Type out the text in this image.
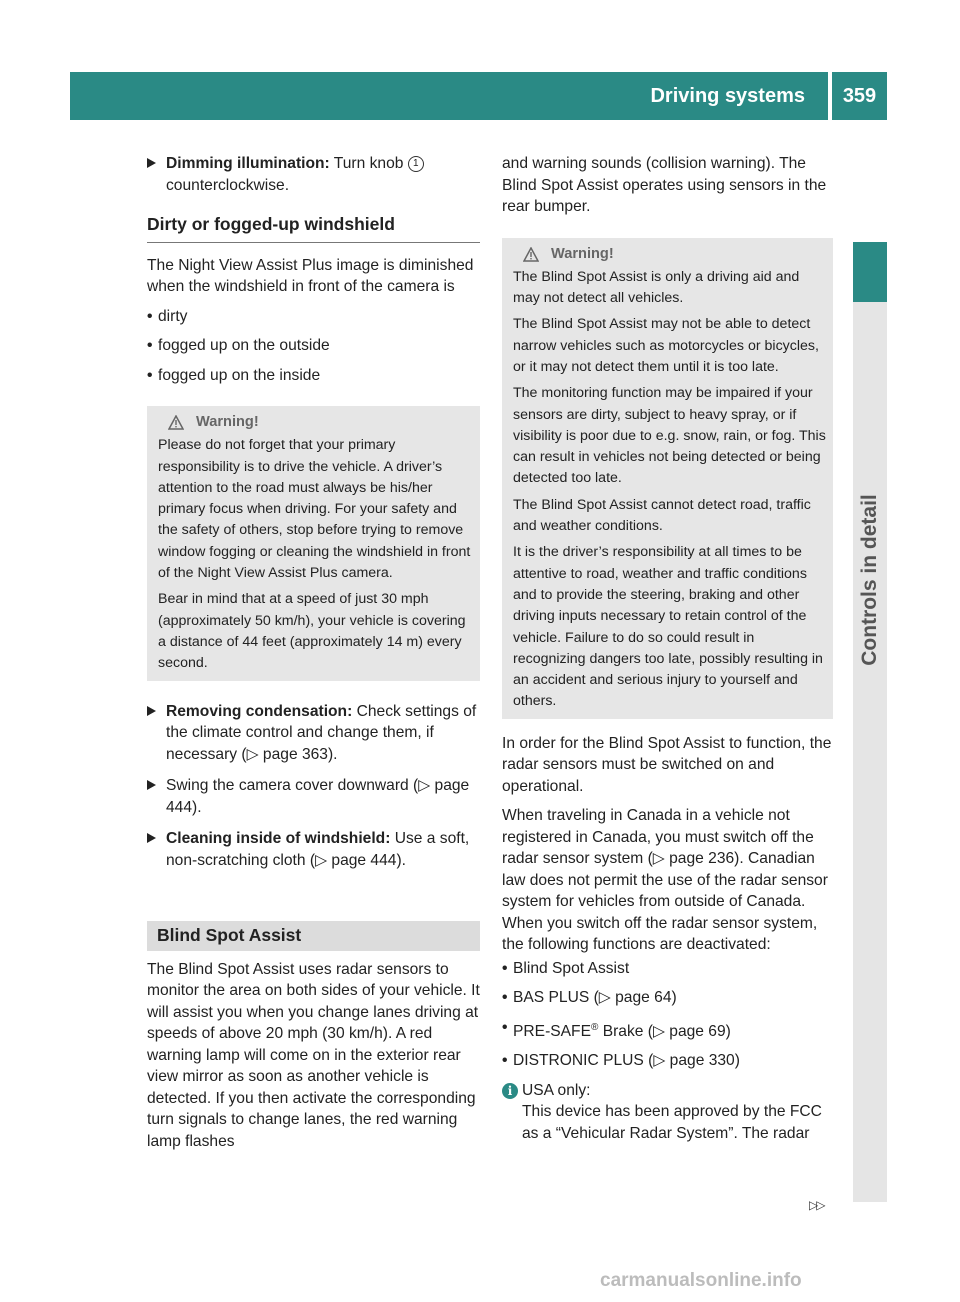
Driving systems	359
Controls in detail
Dimming illumination: Turn knob 1 counterclockwise.
Dirty or fogged-up windshield

The Night View Assist Plus image is diminished when the windshield in front of the camera is

• dirty
• fogged up on the outside
• fogged up on the inside
Warning!

Please do not forget that your primary responsibility is to drive the vehicle. A driver’s attention to the road must always be his/her primary focus when driving. For your safety and the safety of others, stop before trying to remove window fogging or cleaning the windshield in front of the Night View Assist Plus camera.

Bear in mind that at a speed of just 30 mph (approximately 50 km/h), your vehicle is covering a distance of 44 feet (approximately 14 m) every second.

Removing condensation: Check settings of the climate control and change them, if necessary (▷ page 363).
Swing the camera cover downward (▷ page 444).
Cleaning inside of windshield: Use a soft, non-scratching cloth (▷ page 444).
Blind Spot Assist

The Blind Spot Assist uses radar sensors to monitor the area on both sides of your vehicle. It will assist you when you change lanes driving at speeds of above 20 mph (30 km/h). A red warning lamp will come on in the exterior rear view mirror as soon as another vehicle is detected. If you then activate the corresponding turn signals to change lanes, the red warning lamp flashes

and warning sounds (collision warning). The Blind Spot Assist operates using sensors in the rear bumper.

Warning!

The Blind Spot Assist is only a driving aid and may not detect all vehicles.

The Blind Spot Assist may not be able to detect narrow vehicles such as motorcycles or bicycles, or it may not detect them until it is too late.

The monitoring function may be impaired if your sensors are dirty, subject to heavy spray, or if visibility is poor due to e.g. snow, rain, or fog. This can result in vehicles not being detected or being detected too late.

The Blind Spot Assist cannot detect road, traffic and weather conditions.

It is the driver’s responsibility at all times to be attentive to road, weather and traffic conditions and to provide the steering, braking and other driving inputs necessary to retain control of the vehicle. Failure to do so could result in recognizing dangers too late, possibly resulting in an accident and serious injury to yourself and others.

In order for the Blind Spot Assist to function, the radar sensors must be switched on and operational.

When traveling in Canada in a vehicle not registered in Canada, you must switch off the radar sensor system (▷ page 236). Canadian law does not permit the use of the radar sensor system for vehicles from outside of Canada. When you switch off the radar sensor system, the following functions are deactivated:

• Blind Spot Assist
• BAS PLUS (▷ page 64)
• PRE-SAFE® Brake (▷ page 69)
• DISTRONIC PLUS (▷ page 330)
i USA only:
This device has been approved by the FCC as a “Vehicular Radar System”. The radar
▷▷
carmanualsonline.info
